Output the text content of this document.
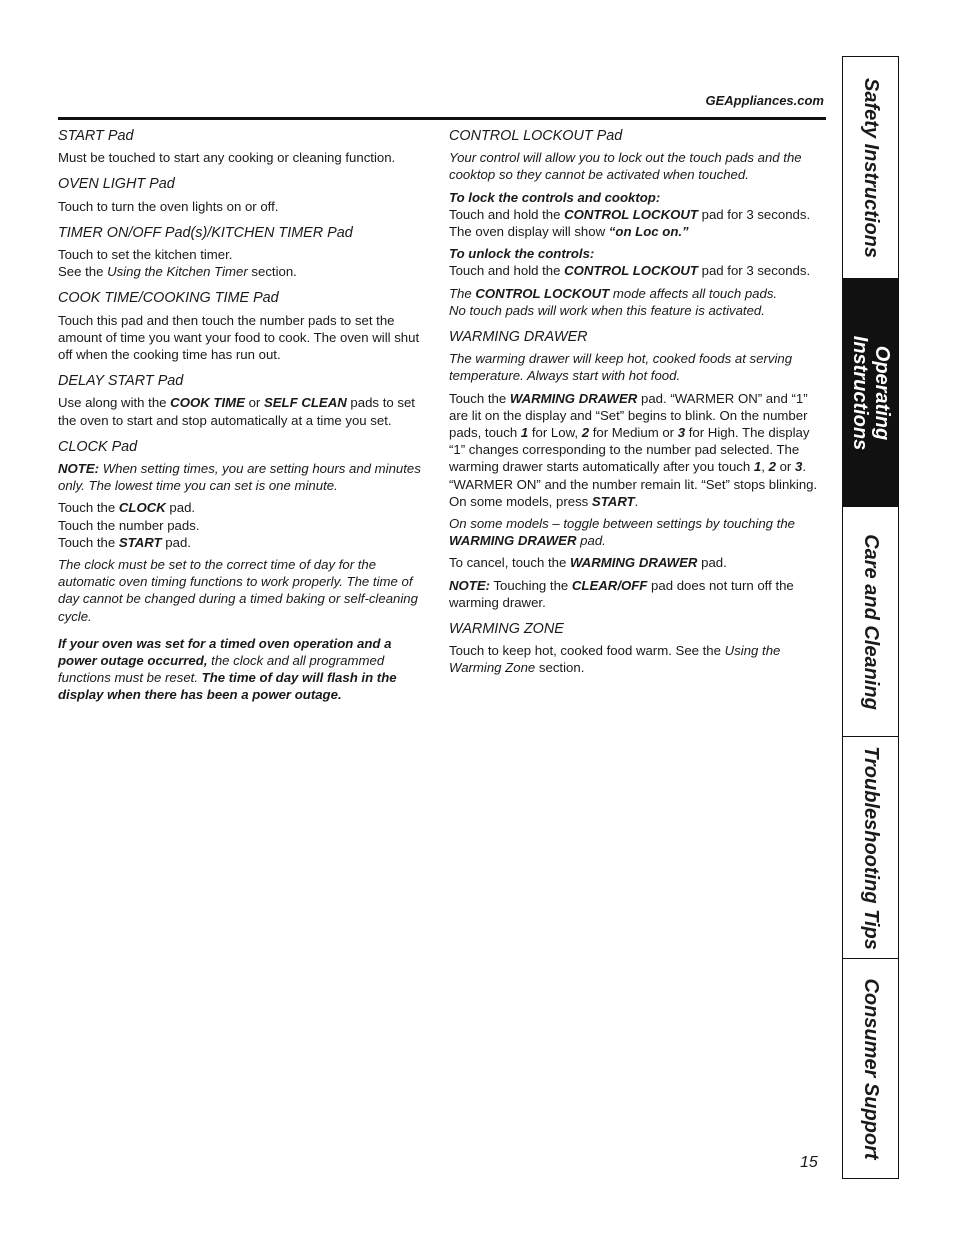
GEAppliances.com
START Pad

Must be touched to start any cooking or cleaning function.

OVEN LIGHT Pad

Touch to turn the oven lights on or off.

TIMER ON/OFF Pad(s)/KITCHEN TIMER Pad

Touch to set the kitchen timer.
See the Using the Kitchen Timer section.

COOK TIME/COOKING TIME Pad

Touch this pad and then touch the number pads to set the amount of time you want your food to cook. The oven will shut off when the cooking time has run out.

DELAY START Pad

Use along with the COOK TIME or SELF CLEAN pads to set the oven to start and stop automatically at a time you set.

CLOCK Pad

NOTE: When setting times, you are setting hours and minutes only. The lowest time you can set is one minute.

Touch the CLOCK pad.
Touch the number pads.
Touch the START pad.

The clock must be set to the correct time of day for the automatic oven timing functions to work properly. The time of day cannot be changed during a timed baking or self-cleaning cycle.

If your oven was set for a timed oven operation and a power outage occurred, the clock and all programmed functions must be reset. The time of day will flash in the display when there has been a power outage.

CONTROL LOCKOUT Pad

Your control will allow you to lock out the touch pads and the cooktop so they cannot be activated when touched.

To lock the controls and cooktop:
Touch and hold the CONTROL LOCKOUT pad for 3 seconds. The oven display will show “on Loc on.”

To unlock the controls:
Touch and hold the CONTROL LOCKOUT pad for 3 seconds.

The CONTROL LOCKOUT mode affects all touch pads.
No touch pads will work when this feature is activated.

WARMING DRAWER

The warming drawer will keep hot, cooked foods at serving temperature. Always start with hot food.

Touch the WARMING DRAWER pad. “WARMER ON” and “1” are lit on the display and “Set” begins to blink. On the number pads, touch 1 for Low, 2 for Medium or 3 for High. The display “1” changes corresponding to the number pad selected. The warming drawer starts automatically after you touch 1, 2 or 3. “WARMER ON” and the number remain lit. “Set” stops blinking. On some models, press START.

On some models – toggle between settings by touching the WARMING DRAWER pad.

To cancel, touch the WARMING DRAWER pad.

NOTE: Touching the CLEAR/OFF pad does not turn off the warming drawer.

WARMING ZONE

Touch to keep hot, cooked food warm. See the Using the Warming Zone section.

15
Safety Instructions
Operating
Instructions
Care and Cleaning
Troubleshooting Tips
Consumer Support
